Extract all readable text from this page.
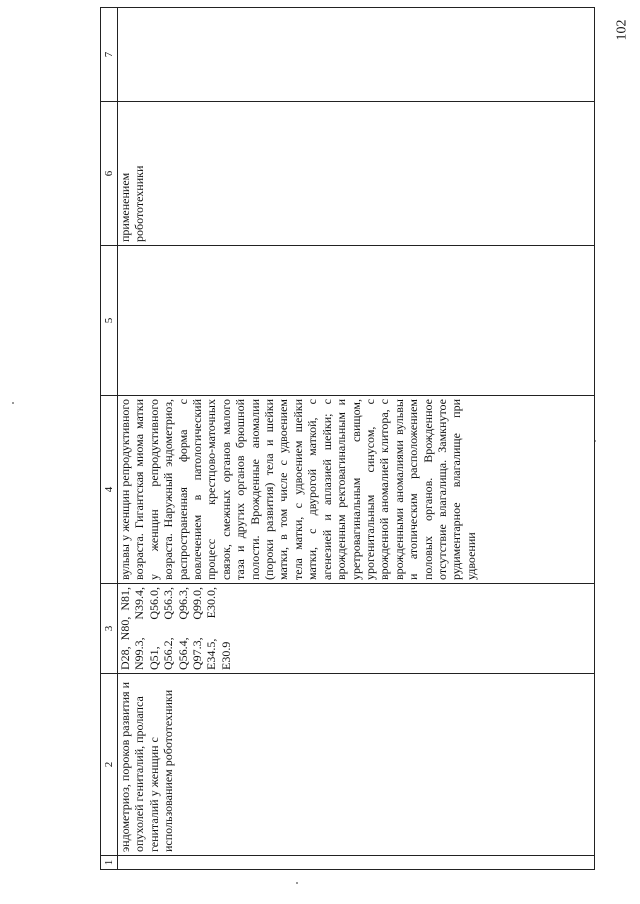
102
1	2	3	4	5	6	7
	эндометриоз, пороков развития и опухолей гениталий, пролапса гениталий у женщин с использованием робототехники	D28, N80, N81, N99.3, N39.4, Q51, Q56.0, Q56.2, Q56.3, Q56.4, Q96.3, Q97.3, Q99.0, E34.5, E30.0, E30.9	вульвы у женщин репродуктивного возраста. Гигантская миома матки у женщин репродуктивного возраста. Наружный эндометриоз, распространенная форма с вовлечением в патологический процесс крестцово-маточных связок, смежных органов малого таза и других органов брюшной полости. Врожденные аномалии (пороки развития) тела и шейки матки, в том числе с удвоением тела матки, с удвоением шейки матки, с двурогой маткой, с агенезией и аплазией шейки; с врожденным ректовагинальным и уретровагинальным свищом, урогенитальным синусом, с врожденной аномалией клитора, с врожденными аномалиями вульвы и атопическим расположением половых органов. Врожденное отсутствие влагалища. Замкнутое рудиментарное влагалище при удвоении		применением робототехники	
